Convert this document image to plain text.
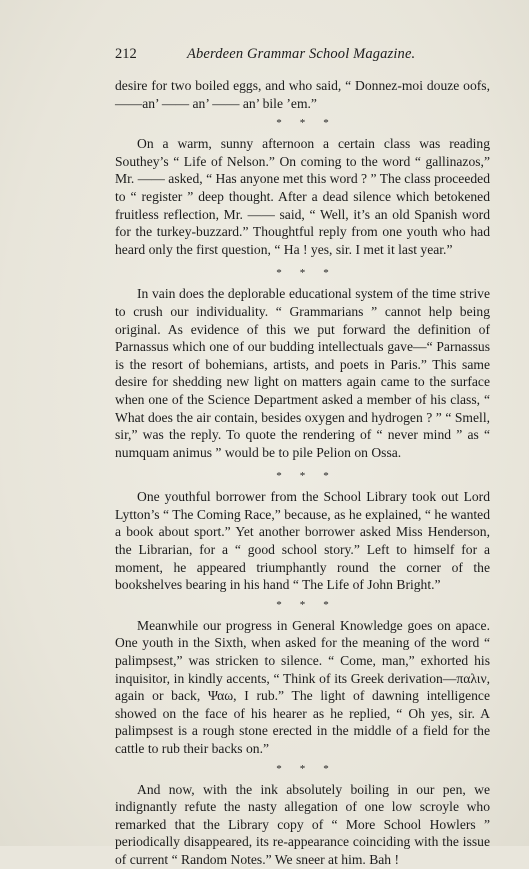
212	Aberdeen Grammar School Magazine.

desire for two boiled eggs, and who said, “ Donnez-moi douze oofs, ——an’ —— an’ —— an’ bile ’em.”

* * *

On a warm, sunny afternoon a certain class was reading Southey’s “ Life of Nelson.” On coming to the word “ gallinazos,” Mr. —— asked, “ Has anyone met this word ? ” The class proceeded to “ register ” deep thought. After a dead silence which betokened fruitless reflection, Mr. —— said, “ Well, it’s an old Spanish word for the turkey-buzzard.” Thoughtful reply from one youth who had heard only the first question, “ Ha ! yes, sir. I met it last year.”

* * *

In vain does the deplorable educational system of the time strive to crush our individuality. “ Grammarians ” cannot help being original. As evidence of this we put forward the definition of Parnassus which one of our budding intellectuals gave—“ Parnassus is the resort of bohemians, artists, and poets in Paris.” This same desire for shedding new light on matters again came to the surface when one of the Science Department asked a member of his class, “ What does the air contain, besides oxygen and hydrogen ? ” “ Smell, sir,” was the reply. To quote the rendering of “ never mind ” as “ numquam animus ” would be to pile Pelion on Ossa.

* * *

One youthful borrower from the School Library took out Lord Lytton’s “ The Coming Race,” because, as he explained, “ he wanted a book about sport.” Yet another borrower asked Miss Henderson, the Librarian, for a “ good school story.” Left to himself for a moment, he appeared triumphantly round the corner of the bookshelves bearing in his hand “ The Life of John Bright.”

* * *

Meanwhile our progress in General Knowledge goes on apace. One youth in the Sixth, when asked for the meaning of the word “ palimpsest,” was stricken to silence. “ Come, man,” exhorted his inquisitor, in kindly accents, “ Think of its Greek derivation—παλιν, again or back, Ψαω, I rub.” The light of dawning intelligence showed on the face of his hearer as he replied, “ Oh yes, sir. A palimpsest is a rough stone erected in the middle of a field for the cattle to rub their backs on.”

* * *

And now, with the ink absolutely boiling in our pen, we indignantly refute the nasty allegation of one low scroyle who remarked that the Library copy of “ More School Howlers ” periodically disappeared, its re-appearance coinciding with the issue of current “ Random Notes.” We sneer at him. Bah !
